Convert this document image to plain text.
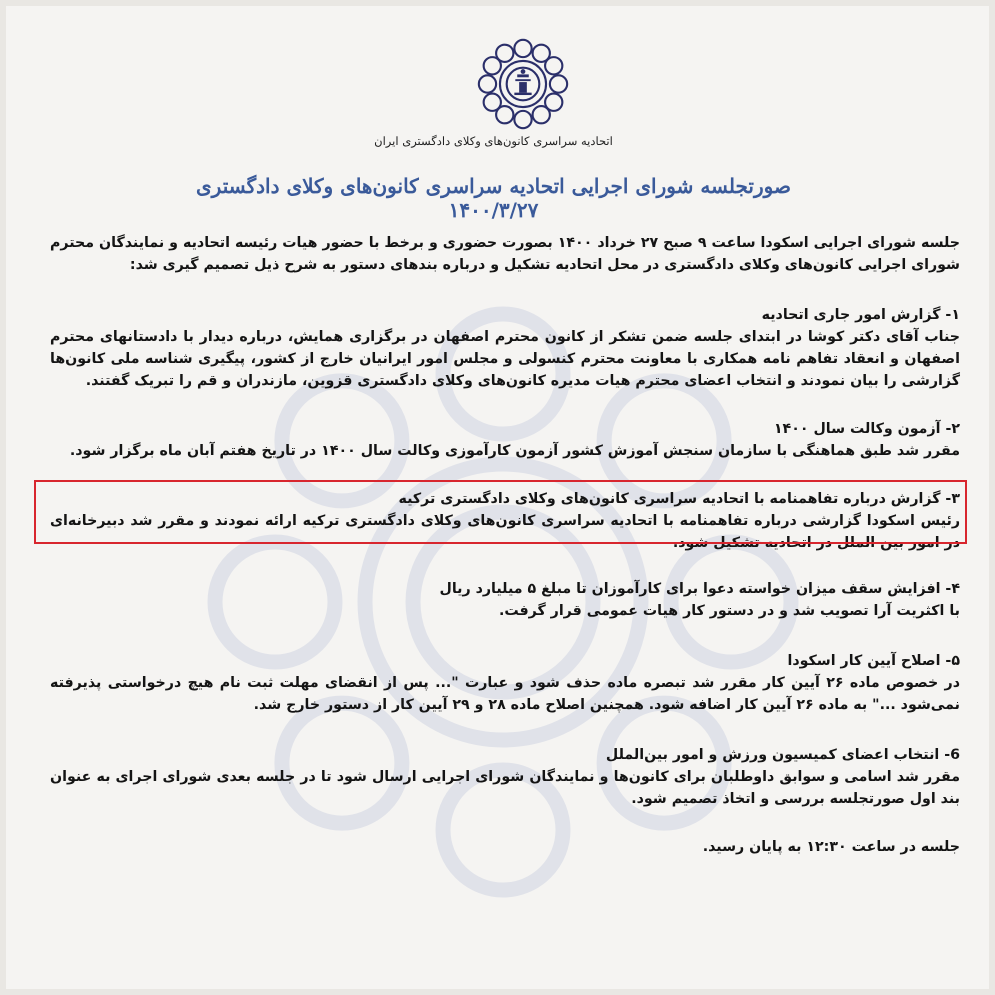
اتحادیه سراسری کانون‌های وکلای دادگستری ایران
صورتجلسه شورای اجرایی اتحادیه سراسری کانون‌های وکلای دادگستری ۱۴۰۰/۳/۲۷

جلسه شورای اجرایی اسکودا ساعت ۹ صبح ۲۷ خرداد ۱۴۰۰ بصورت حضوری و برخط با حضور هیات رئیسه اتحادیه و نمایندگان محترم شورای اجرایی کانون‌های وکلای دادگستری در محل اتحادیه تشکیل و درباره بندهای دستور به شرح ذیل تصمیم گیری شد:

۱- گزارش امور جاری اتحادیه

جناب آقای دکتر کوشا در ابتدای جلسه ضمن تشکر از کانون محترم اصفهان در برگزاری همایش، درباره دیدار با دادستانهای محترم اصفهان و انعقاد تفاهم نامه همکاری با معاونت محترم کنسولی و مجلس امور ایرانیان خارج از کشور، پیگیری شناسه ملی کانون‌ها گزارشی را بیان نمودند و انتخاب اعضای محترم هیات مدیره کانون‌های وکلای دادگستری قزوین، مازندران و قم را تبریک گفتند.

۲- آزمون وکالت سال ۱۴۰۰

مقرر شد طبق هماهنگی با سازمان سنجش آموزش کشور آزمون کارآموزی وکالت سال ۱۴۰۰ در تاریخ هفتم آبان ماه برگزار شود.

۳- گزارش درباره تفاهمنامه با اتحادیه سراسری کانون‌های وکلای دادگستری ترکیه

رئیس اسکودا گزارشی درباره تفاهمنامه با اتحادیه سراسری کانون‌های وکلای دادگستری ترکیه ارائه نمودند و مقرر شد دبیرخانه‌ای در امور بین الملل در اتحادیه تشکیل شود.

۴- افزایش سقف میزان خواسته دعوا برای کارآموزان تا مبلغ ۵ میلیارد ریال

با اکثریت آرا تصویب شد و در دستور کار هیات عمومی قرار گرفت.

۵- اصلاح آیین کار اسکودا

در خصوص ماده ۲۶ آیین کار مقرر شد تبصره ماده حذف شود و عبارت "... پس از انقضای مهلت ثبت نام هیچ درخواستی پذیرفته نمی‌شود ..." به ماده ۲۶ آیین کار اضافه شود. همچنین اصلاح ماده ۲۸ و ۲۹ آیین کار از دستور خارج شد.

6- انتخاب اعضای کمیسیون ورزش و امور بین‌الملل

مقرر شد اسامی و سوابق داوطلبان برای کانون‌ها و نمایندگان شورای اجرایی ارسال شود تا در جلسه بعدی شورای اجرای به عنوان بند اول صورتجلسه بررسی و اتخاذ تصمیم شود.

جلسه در ساعت ۱۲:۳۰ به پایان رسید.
